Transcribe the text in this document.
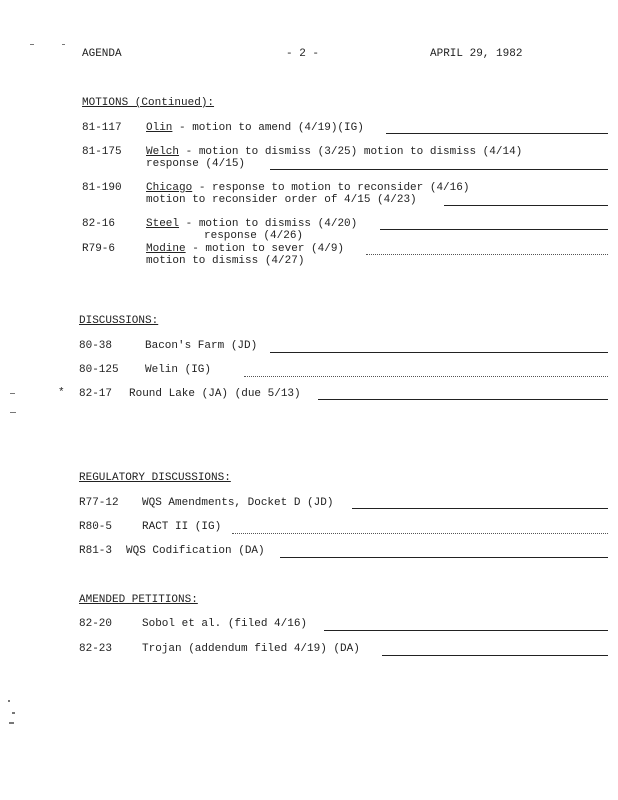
AGENDA	- 2 -	APRIL 29, 1982
MOTIONS (Continued):
81-117 Olin - motion to amend (4/19)(IG)
81-175 Welch - motion to dismiss (3/25) motion to dismiss (4/14)
response (4/15)
81-190 Chicago - response to motion to reconsider (4/16)
motion to reconsider order of 4/15 (4/23)
82-16	Steel - motion to dismiss (4/20)
response (4/26)
R79-6	Modine - motion to sever (4/9)
motion to dismiss (4/27)
DISCUSSIONS:
80-38	Bacon's Farm (JD)
80-125 Welin (IG)
* 82-17 Round Lake (JA) (due 5/13)
REGULATORY DISCUSSIONS:
R77-12 WQS Amendments, Docket D (JD)
R80-5	RACT II (IG)
R81-3 WQS Codification (DA)
AMENDED PETITIONS:
82-20	Sobol et al. (filed 4/16)
82-23	Trojan (addendum filed 4/19) (DA)
